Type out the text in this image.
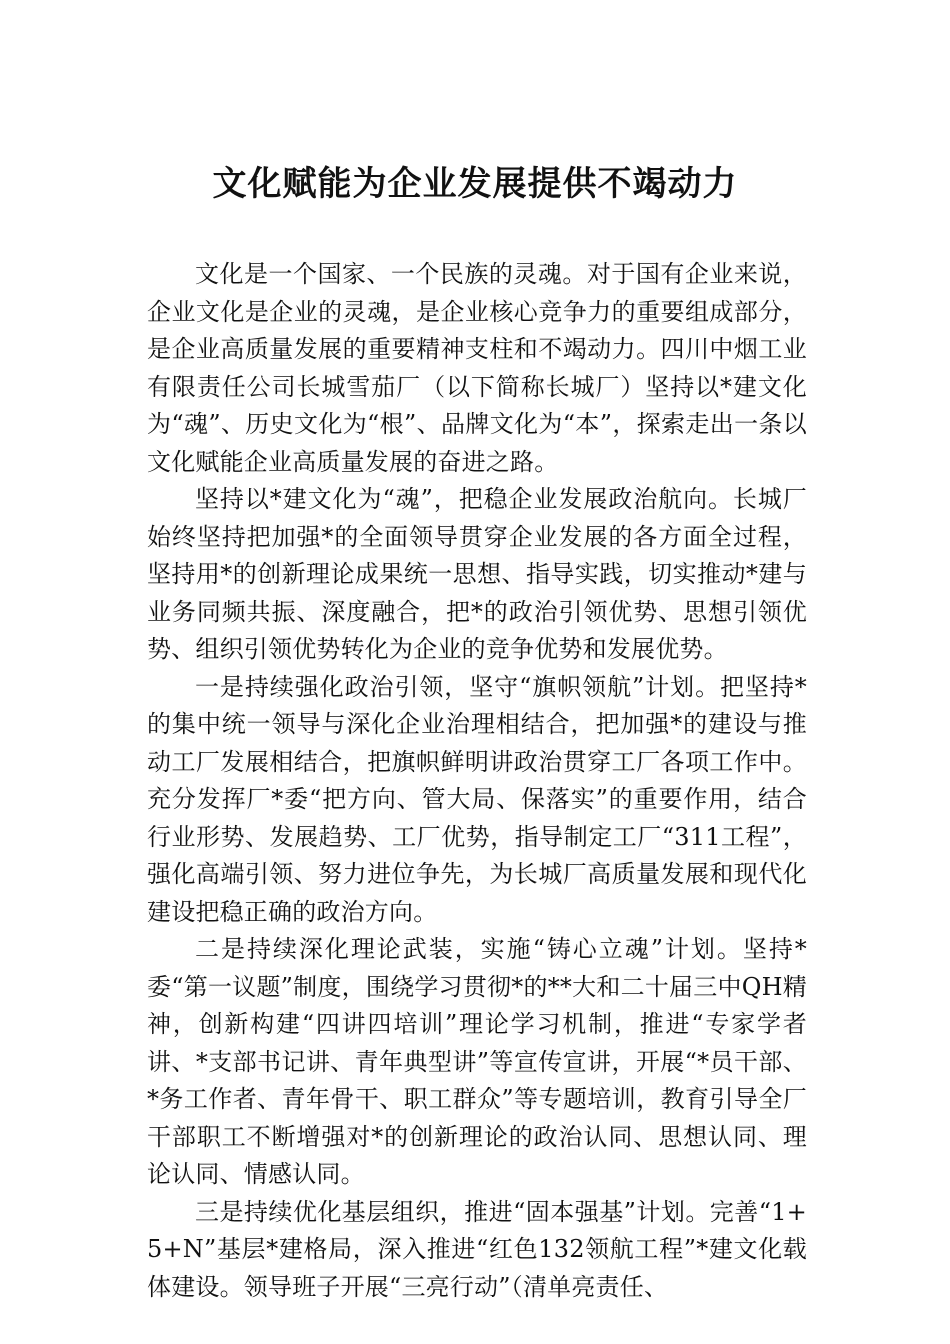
文化赋能为企业发展提供不竭动力

文化是一个国家、一个民族的灵魂。对于国有企业来说，企业文化是企业的灵魂，是企业核心竞争力的重要组成部分，是企业高质量发展的重要精神支柱和不竭动力。四川中烟工业有限责任公司长城雪茄厂（以下简称长城厂）坚持以*建文化为“魂”、历史文化为“根”、品牌文化为“本”，探索走出一条以文化赋能企业高质量发展的奋进之路。

坚持以*建文化为“魂”，把稳企业发展政治航向。长城厂始终坚持把加强*的全面领导贯穿企业发展的各方面全过程，坚持用*的创新理论成果统一思想、指导实践，切实推动*建与业务同频共振、深度融合，把*的政治引领优势、思想引领优势、组织引领优势转化为企业的竞争优势和发展优势。

一是持续强化政治引领，坚守“旗帜领航”计划。把坚持*的集中统一领导与深化企业治理相结合，把加强*的建设与推动工厂发展相结合，把旗帜鲜明讲政治贯穿工厂各项工作中。充分发挥厂*委“把方向、管大局、保落实”的重要作用，结合行业形势、发展趋势、工厂优势，指导制定工厂“311工程”，强化高端引领、努力进位争先，为长城厂高质量发展和现代化建设把稳正确的政治方向。

二是持续深化理论武装，实施“铸心立魂”计划。坚持*委“第一议题”制度，围绕学习贯彻*的**大和二十届三中QH精神，创新构建“四讲四培训”理论学习机制，推进“专家学者讲、*支部书记讲、青年典型讲”等宣传宣讲，开展“*员干部、*务工作者、青年骨干、职工群众”等专题培训，教育引导全厂干部职工不断增强对*的创新理论的政治认同、思想认同、理论认同、情感认同。

三是持续优化基层组织，推进“固本强基”计划。完善“1+5+N”基层*建格局，深入推进“红色132领航工程”*建文化载体建设。领导班子开展“三亮行动”（清单亮责任、
